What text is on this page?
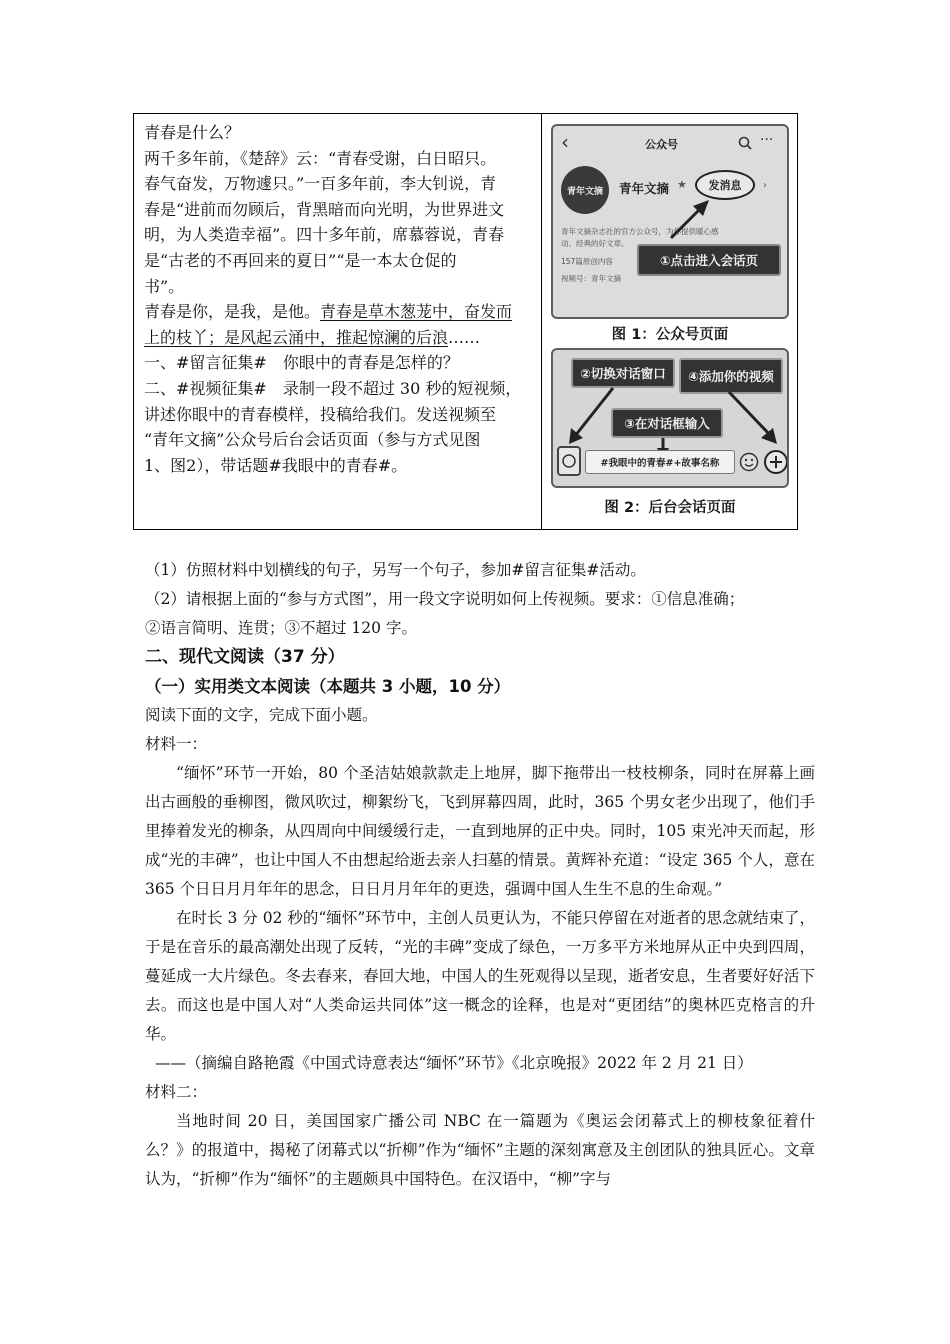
青春是什么？

两千多年前，《楚辞》云：“青春受谢，白日昭只。

春气奋发，万物遽只。”一百多年前，李大钊说，青

春是“进前而勿顾后，背黑暗而向光明，为世界进文

明，为人类造幸福”。四十多年前，席慕蓉说，青春

是“古老的不再回来的夏日”“是一本太仓促的

书”。

青春是你，是我，是他。青春是草木葱茏中，奋发而

上的枝丫；是风起云涌中，推起惊澜的后浪……

一、#留言征集#　你眼中的青春是怎样的？

二、#视频征集#　录制一段不超过 30 秒的短视频，

讲述你眼中的青春模样，投稿给我们。发送视频至

“青年文摘”公众号后台会话页面（参与方式见图

1、图2），带话题#我眼中的青春#。

‹	公众号	···
青年文摘 青年文摘 ★ 发消息 ›
青年文摘杂志社的官方公众号，为你提供暖心感
动、经典的好文章。
157篇原创内容
视频号：青年文摘
①点击进入会话页
图 1：公众号页面
②切换对话窗口 ④添加你的视频
③在对话框输入
#我眼中的青春#+故事名称
图 2：后台会话页面

（1）仿照材料中划横线的句子，另写一个句子，参加#留言征集#活动。

（2）请根据上面的“参与方式图”，用一段文字说明如何上传视频。要求：①信息准确；

②语言简明、连贯；③不超过 120 字。

二、现代文阅读（37 分）

（一）实用类文本阅读（本题共 3 小题，10 分）

阅读下面的文字，完成下面小题。

材料一：

“缅怀”环节一开始，80 个圣洁姑娘款款走上地屏，脚下拖带出一枝枝柳条，同时在屏幕上画出古画般的垂柳图，微风吹过，柳絮纷飞，飞到屏幕四周，此时，365 个男女老少出现了，他们手里捧着发光的柳条，从四周向中间缓缓行走，一直到地屏的正中央。同时，105 束光冲天而起，形成“光的丰碑”，也让中国人不由想起给逝去亲人扫墓的情景。黄辉补充道：“设定 365 个人，意在 365 个日日月月年年的思念，日日月月年年的更迭，强调中国人生生不息的生命观。”

在时长 3 分 02 秒的“缅怀”环节中，主创人员更认为，不能只停留在对逝者的思念就结束了，于是在音乐的最高潮处出现了反转，“光的丰碑”变成了绿色，一万多平方米地屏从正中央到四周，蔓延成一大片绿色。冬去春来，春回大地，中国人的生死观得以呈现，逝者安息，生者要好好活下去。而这也是中国人对“人类命运共同体”这一概念的诠释，也是对“更团结”的奥林匹克格言的升华。

——（摘编自路艳霞《中国式诗意表达“缅怀”环节》《北京晚报》2022 年 2 月 21 日）

材料二：

当地时间 20 日，美国国家广播公司 NBC 在一篇题为《奥运会闭幕式上的柳枝象征着什么？》的报道中，揭秘了闭幕式以“折柳”作为“缅怀”主题的深刻寓意及主创团队的独具匠心。文章认为，“折柳”作为“缅怀”的主题颇具中国特色。在汉语中，“柳”字与
